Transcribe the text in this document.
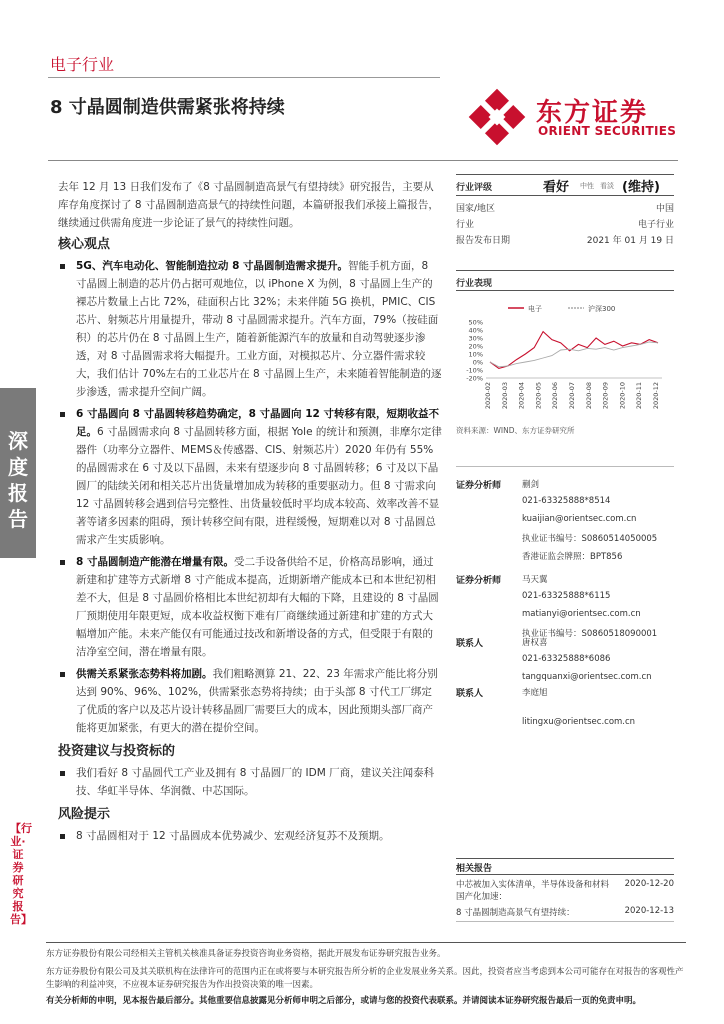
电子行业
8 寸晶圆制造供需紧张将持续	东方证券
ORIENT SECURITIES
深
度
报
告
【行业·证券研究报告】

去年 12 月 13 日我们发布了《8 寸晶圆制造高景气有望持续》研究报告，主要从库存角度探讨了 8 寸晶圆制造高景气的持续性问题，本篇研报我们承接上篇报告，继续通过供需角度进一步论证了景气的持续性问题。

核心观点

5G、汽车电动化、智能制造拉动 8 寸晶圆制造需求提升。智能手机方面，8 寸晶圆上制造的芯片仍占据可观地位，以 iPhone X 为例，8 寸晶圆上生产的裸芯片数量上占比 72%，硅面积占比 32%；未来伴随 5G 换机，PMIC、CIS 芯片、射频芯片用量提升，带动 8 寸晶圆需求提升。汽车方面，79%（按硅面积）的芯片仍在 8 寸晶圆上生产，随着新能源汽车的放量和自动驾驶逐步渗透，对 8 寸晶圆需求将大幅提升。工业方面，对模拟芯片、分立器件需求较大，我们估计 70%左右的工业芯片在 8 寸晶圆上生产，未来随着智能制造的逐步渗透，需求提升空间广阔。

6 寸晶圆向 8 寸晶圆转移趋势确定，8 寸晶圆向 12 寸转移有限，短期收益不足。6 寸晶圆需求向 8 寸晶圆转移方面，根据 Yole 的统计和预测，非摩尔定律器件（功率分立器件、MEMS＆传感器、CIS、射频芯片）2020 年仍有 55%的晶圆需求在 6 寸及以下晶圆，未来有望逐步向 8 寸晶圆转移；6 寸及以下晶圆厂的陆续关闭和相关芯片出货量增加成为转移的重要驱动力。但 8 寸需求向 12 寸晶圆转移会遇到信号完整性、出货量较低时平均成本较高、效率改善不显著等诸多因素的阻碍，预计转移空间有限，进程缓慢，短期难以对 8 寸晶圆总需求产生实质影响。

8 寸晶圆制造产能潜在增量有限。受二手设备供给不足，价格高昂影响，通过新建和扩建等方式新增 8 寸产能成本提高，近期新增产能成本已和本世纪初相差不大，但是 8 寸晶圆价格相比本世纪初却有大幅的下降，且建设的 8 寸晶圆厂预期使用年限更短，成本收益权衡下难有厂商继续通过新建和扩建的方式大幅增加产能。未来产能仅有可能通过技改和新增设备的方式，但受限于有限的洁净室空间，潜在增量有限。

供需关系紧张态势料将加剧。我们粗略测算 21、22、23 年需求产能比将分别达到 90%、96%、102%，供需紧张态势将持续；由于头部 8 寸代工厂绑定了优质的客户以及芯片设计转移晶圆厂需要巨大的成本，因此预期头部厂商产能将更加紧张，有更大的潜在提价空间。

投资建议与投资标的

我们看好 8 寸晶圆代工产业及拥有 8 寸晶圆厂的 IDM 厂商，建议关注闻泰科技、华虹半导体、华润微、中芯国际。

风险提示

8 寸晶圆相对于 12 寸晶圆成本优势减少、宏观经济复苏不及预期。

行业评级	看好 中性 看淡 (维持)
国家/地区	中国
行业	电子行业
报告发布日期	2021 年 01 月 19 日
行业表现
电子	沪深300
50%
40%
30%
20%
10%
0%
-10%
-20%
2020-02 2020-03 2020-04 2020-05 2020-06 2020-07 2020-08 2020-09 2020-10 2020-11 2020-12
资料来源：WIND、东方证券研究所
证券分析师 蒯剑
021-63325888*8514
kuaijian@orientsec.com.cn
执业证书编号：S0860514050005
香港证监会牌照：BPT856
证券分析师 马天翼
021-63325888*6115
matianyi@orientsec.com.cn
执业证书编号：S0860518090001
联系人	唐权喜
021-63325888*6086
tangquanxi@orientsec.com.cn
联系人	李庭旭
litingxu@orientsec.com.cn
相关报告
中芯被加入实体清单，半导体设备和材料国产化加速：
2020-12-20
8 寸晶圆制造高景气有望持续：	2020-12-13
东方证券股份有限公司经相关主管机关核准具备证券投资咨询业务资格，据此开展发布证券研究报告业务。
东方证券股份有限公司及其关联机构在法律许可的范围内正在或将要与本研究报告所分析的企业发展业务关系。因此，投资者应当考虑到本公司可能存在对报告的客观性产生影响的利益冲突，不应视本证券研究报告为作出投资决策的唯一因素。
有关分析师的申明，见本报告最后部分。其他重要信息披露见分析师申明之后部分，或请与您的投资代表联系。并请阅读本证券研究报告最后一页的免责申明。
